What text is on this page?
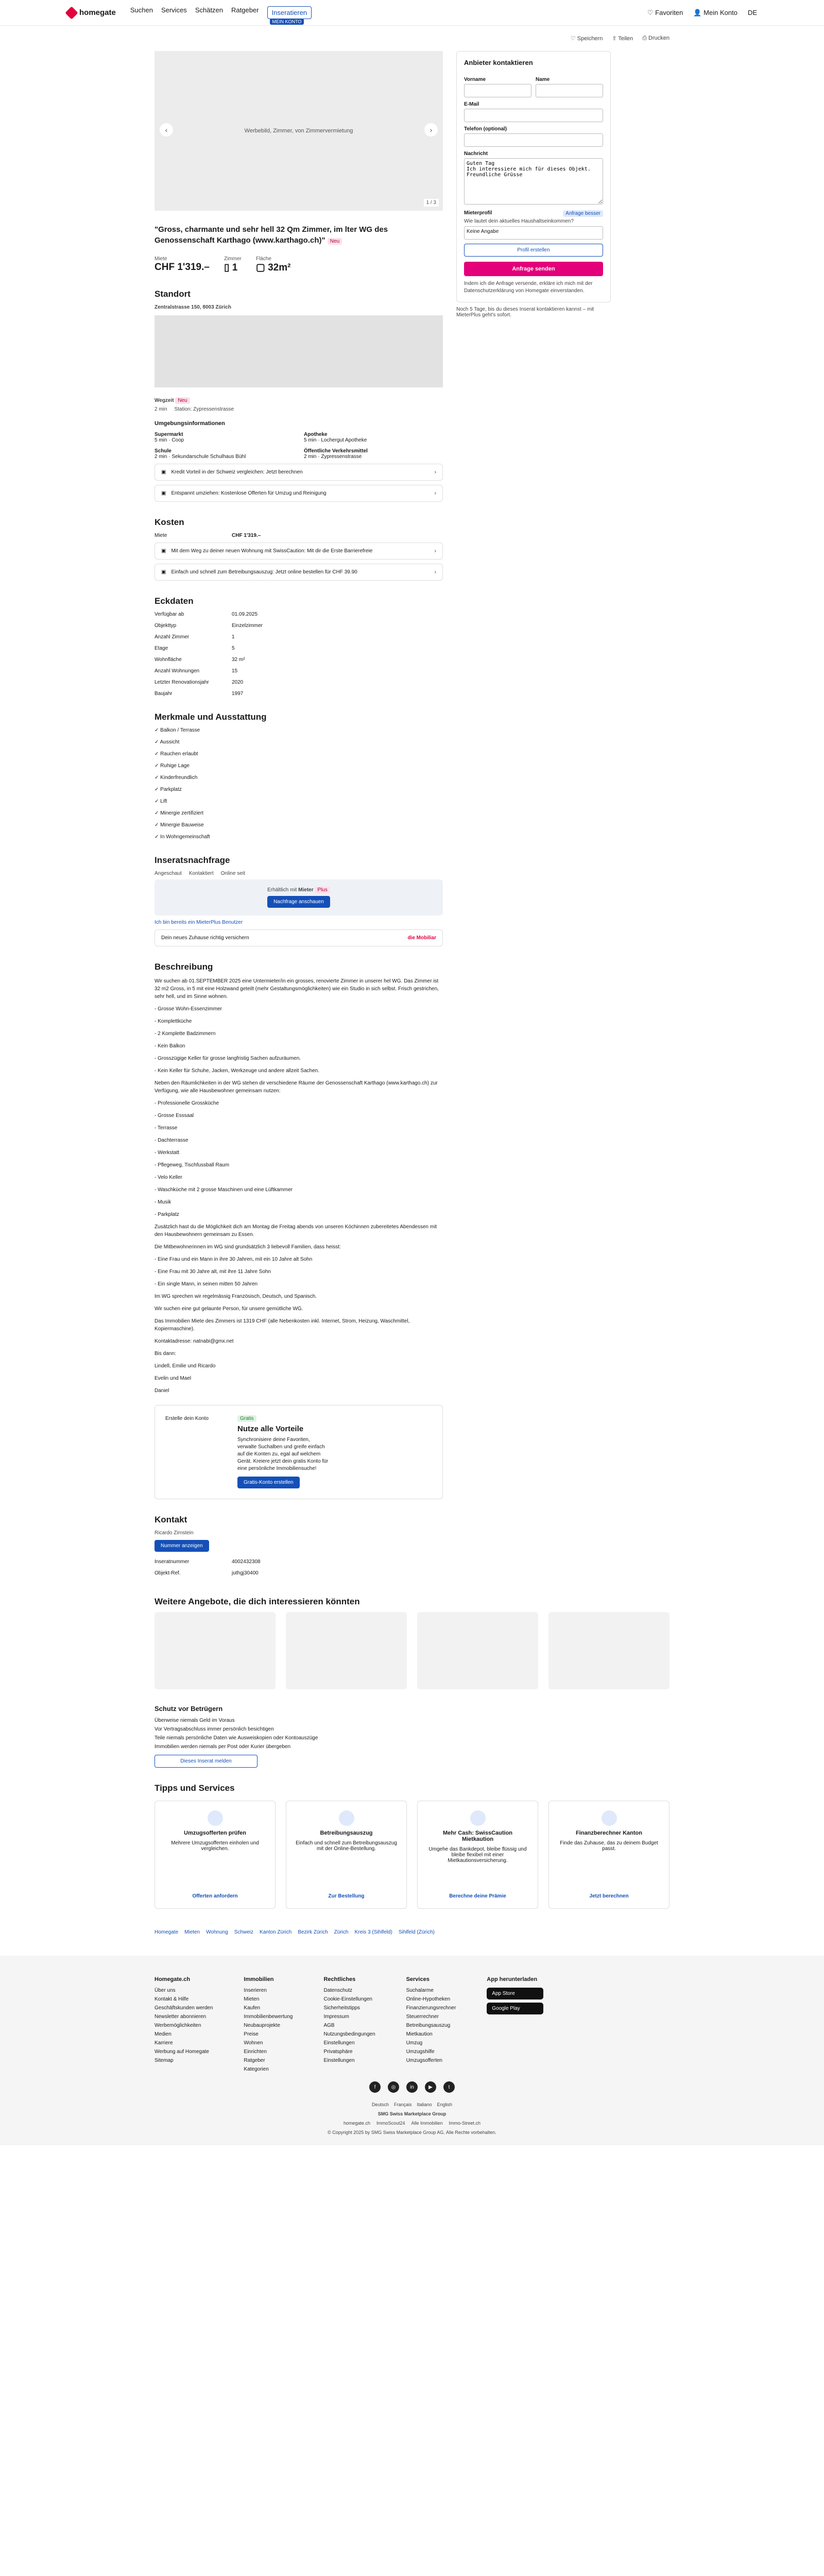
homegate Suchen Services Schätzen Ratgeber	Inseratieren
MEIN KONTO
♡ Favoriten 👤 Mein Konto DE
♡ Speichern ⇪ Teilen ⎙ Drucken
Werbebild, Zimmer, von Zimmervermietung
‹	›
1 / 3
"Gross, charmante und sehr hell 32 Qm Zimmer, im lter WG des Genossenschaft Karthago (www.karthago.ch)" Neu
Miete
CHF 1'319.–
Zimmer
▯ 1
Fläche
▢ 32m²
Standort
Zentralstrasse 150, 8003 Zürich
Wegzeit Neu
2 min Station: Zypressenstrasse
Umgebungsinformationen
Supermarkt
5 min · Coop
Apotheke
5 min · Lochergut Apotheke
Schule
2 min · Sekundarschule Schulhaus Bühl
Öffentliche Verkehrsmittel
2 min · Zypressenstrasse
▣ Kredit Vorteil in der Schweiz vergleichen: Jetzt berechnen	›
▣ Entspannt umziehen: Kostenlose Offerten für Umzug und Reinigung	›
Kosten
Miete	CHF 1'319.–
▣ Mit dem Weg zu deiner neuen Wohnung mit SwissCaution: Mit dir die Erste Barrierefreie	›
▣ Einfach und schnell zum Betreibungsauszug: Jetzt online bestellen für CHF 39.90	›
Eckdaten
Verfügbar ab	01.09.2025
Objekttyp	Einzelzimmer
Anzahl Zimmer	1
Etage	5
Wohnfläche	32 m²
Anzahl Wohnungen	15
Letzter Renovationsjahr	2020
Baujahr	1997
Merkmale und Ausstattung
✓ Balkon / Terrasse
✓ Aussicht
✓ Rauchen erlaubt
✓ Ruhige Lage
✓ Kinderfreundlich
✓ Parkplatz
✓ Lift
✓ Minergie zertifiziert
✓ Minergie Bauweise
✓ In Wohngemeinschaft
Inseratsnachfrage
Angeschaut Kontaktiert Online seit
Erhältlich mit Mieter Plus
Nachfrage anschauen
Ich bin bereits ein MieterPlus Benutzer
Dein neues Zuhause richtig versichern	die Mobiliar
Beschreibung

Wir suchen ab 01.SEPTEMBER 2025 eine Untermieter/in ein grosses, renovierte Zimmer in unserer hel WG. Das Zimmer ist 32 m2 Gross, in 5 mit eine Holzwand geteilt (mehr Gestaltungsmöglichkeiten) wie ein Studio in sich selbst. Frisch gestrichen, sehr hell, und im Sinne wohnen.

- Grosse Wohn-Essenzimmer

- Komplettküche

- 2 Komplette Badzimmern

- Kein Balkon

- Grosszügige Keller für grosse langfristig Sachen aufzuräumen.

- Kein Keller für Schuhe, Jacken, Werkzeuge und andere allzeit Sachen.

Neben den Räumlichkeiten in der WG stehen dir verschiedene Räume der Genossenschaft Karthago (www.karthago.ch) zur Verfügung, wie alle Hausbewohner gemeinsam nutzen:

- Professionelle Grossküche

- Grosse Esssaal

- Terrasse

- Dachterrasse

- Werkstatt

- Pflegeweg, Tischfussball Raum

- Velo Keller

- Waschküche mit 2 grosse Maschinen und eine Lüftkammer

- Musik

- Parkplatz

Zusätzlich hast du die Möglichkeit dich am Montag die Freitag abends von unseren Köchinnen zubereitetes Abendessen mit den Hausbewohnern gemeinsam zu Essen.

Die Mitbewohnerinnen im WG sind grundsätzlich 3 liebevoll Familien, dass heisst:

- Eine Frau und ein Mann in ihre 30 Jahren, mit ein 10 Jahre alt Sohn

- Eine Frau mit 30 Jahre alt, mit ihre 11 Jahre Sohn

- Ein single Mann, in seinen mitten 50 Jahren

Im WG sprechen wir regelmässig Französisch, Deutsch, und Spanisch.

Wir suchen eine gut gelaunte Person, für unsere gemütliche WG.

Das Immobilien Miete des Zimmers ist 1319 CHF (alle Nebenkosten inkl. Internet, Strom, Heizung, Waschmittel, Kopiermaschine).

Kontaktadresse: natnabi@gmx.net

Bis dann:

Lindell, Emilie und Ricardo

Evelin und Mael

Daniel

Erstelle dein Konto	Gratis
Nutze alle Vorteile
Synchronisiere deine Favoriten, verwalte Suchalben und greife einfach auf die Konten zu, egal auf welchem Gerät. Kreiere jetzt dein gratis Konto für eine persönliche Immobiliensuche!
Gratis-Konto erstellen
Kontakt
Ricardo Zirnstein
Nummer anzeigen
Inseratnummer	4002432308
Objekt-Ref.	juthgj30400
Anbieter kontaktieren
Vorname	Name
E-Mail
Telefon (optional)
Nachricht
Guten Tag Ich interessiere mich für dieses Objekt. Freundliche Grüsse
Mieterprofil	Anfrage besser
Wie lautet dein aktuelles Haushaltseinkommen?
Keine Angabe
Profil erstellen
Anfrage senden
Indem ich die Anfrage versende, erkläre ich mich mit der Datenschutzerklärung von Homegate einverstanden.
Noch 5 Tage, bis du dieses Inserat kontaktieren kannst – mit MieterPlus geht's sofort.
Weitere Angebote, die dich interessieren könnten
Schutz vor Betrügern
Überweise niemals Geld im Voraus
Vor Vertragsabschluss immer persönlich besichtigen
Teile niemals persönliche Daten wie Ausweiskopien oder Kontoauszüge
Immobilien werden niemals per Post oder Kurier übergeben
Dieses Inserat melden
Tipps und Services
Umzugsofferten prüfen
Mehrere Umzugsofferten einholen und vergleichen.
Offerten anfordern
Betreibungsauszug
Einfach und schnell zum Betreibungsauszug mit der Online-Bestellung.
Zur Bestellung
Mehr Cash: SwissCaution Mietkaution
Umgehe das Bankdepot, bleibe flüssig und bleibe flexibel mit einer Mietkautionsversicherung.
Berechne deine Prämie
Finanzberechner Kanton
Finde das Zuhause, das zu deinem Budget passt.
Jetzt berechnen
Homegate Mieten Wohnung Schweiz Kanton Zürich Bezirk Zürich Zürich Kreis 3 (Sihlfeld) Sihlfeld (Zürich)
Homegate.ch
Über uns
Kontakt & Hilfe
Geschäftskunden werden
Newsletter abonnieren
Werbemöglichkeiten
Medien
Karriere
Werbung auf Homegate
Sitemap
Immobilien
Inserieren
Mieten
Kaufen
Immobilienbewertung
Neubauprojekte
Preise
Wohnen
Einrichten
Ratgeber
Kategorien
Rechtliches
Datenschutz
Cookie-Einstellungen
Sicherheitstipps
Impressum
AGB
Nutzungsbedingungen
Einstellungen
Privatsphäre
Einstellungen
Services
Suchalarme
Online-Hypotheken
Finanzierungsrechner
Steuerrechner
Betreibungsauszug
Mietkaution
Umzug
Umzugshilfe
Umzugsofferten
App herunterladen
App Store
Google Play
f	◎	in	▶	t
Deutsch Français Italiano English
SMG Swiss Marketplace Group
homegate.ch ImmoScout24 Alle Immobilien Immo-Street.ch
© Copyright 2025 by SMG Swiss Marketplace Group AG. Alle Rechte vorbehalten.
